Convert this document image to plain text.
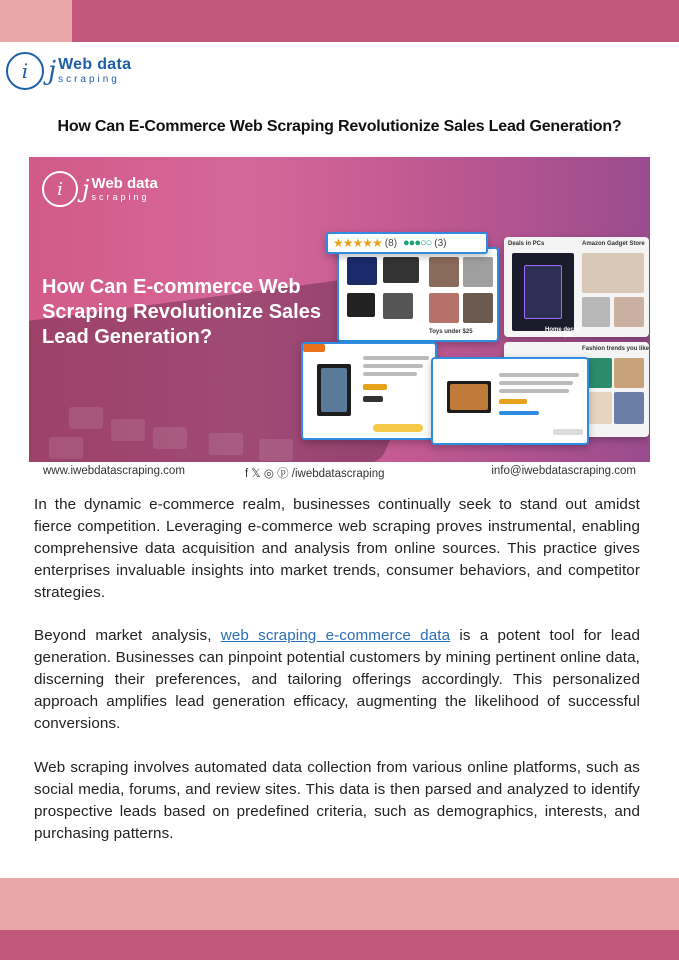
i j Web data
scraping
How Can E-Commerce Web Scraping Revolutionize Sales Lead Generation?
i j Web data
scraping
How Can E-commerce Web Scraping Revolutionize Sales Lead Generation?
Deals in PCs	Amazon Gadget Store
Fashion trends you like
Toys under $25
★★★★★ (8) ●●●○○ (3)
Home decor under $50
www.iwebdatascraping.com	f 𝕏 ◎ ⓟ /iwebdatascraping	info@iwebdatascraping.com

In the dynamic e-commerce realm, businesses continually seek to stand out amidst fierce competition. Leveraging e-commerce web scraping proves instrumental, enabling comprehensive data acquisition and analysis from online sources. This practice gives enterprises invaluable insights into market trends, consumer behaviors, and competitor strategies.

Beyond market analysis, web scraping e-commerce data is a potent tool for lead generation. Businesses can pinpoint potential customers by mining pertinent online data, discerning their preferences, and tailoring offerings accordingly. This personalized approach amplifies lead generation efficacy, augmenting the likelihood of successful conversions.

Web scraping involves automated data collection from various online platforms, such as social media, forums, and review sites. This data is then parsed and analyzed to identify prospective leads based on predefined criteria, such as demographics, interests, and purchasing patterns.
